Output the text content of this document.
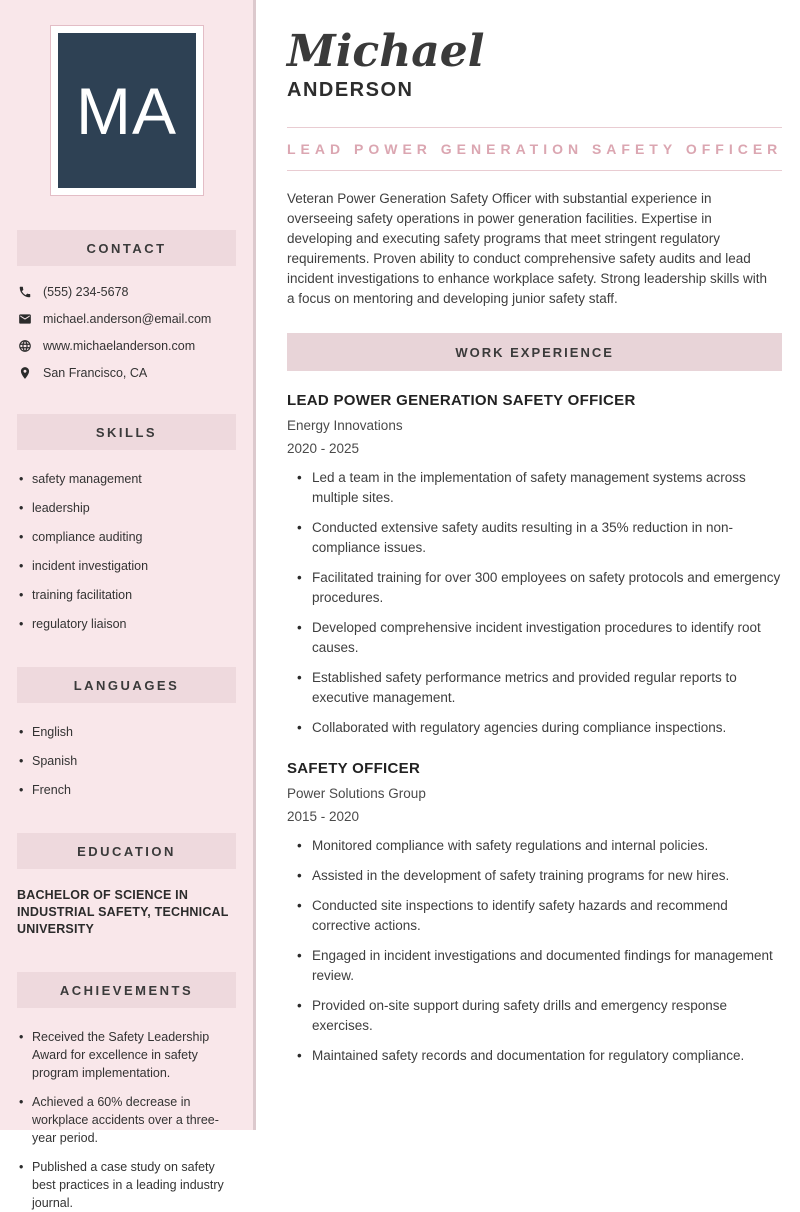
MA
CONTACT
(555) 234-5678
michael.anderson@email.com
www.michaelanderson.com
San Francisco, CA
SKILLS
• safety management
• leadership
• compliance auditing
• incident investigation
• training facilitation
• regulatory liaison
LANGUAGES
• English
• Spanish
• French
EDUCATION
BACHELOR OF SCIENCE IN INDUSTRIAL SAFETY, TECHNICAL UNIVERSITY
ACHIEVEMENTS
• Received the Safety Leadership Award for excellence in safety program implementation.
• Achieved a 60% decrease in workplace accidents over a three-year period.
• Published a case study on safety best practices in a leading industry journal.
Michael
ANDERSON
LEAD POWER GENERATION SAFETY OFFICER

Veteran Power Generation Safety Officer with substantial experience in overseeing safety operations in power generation facilities. Expertise in developing and executing safety programs that meet stringent regulatory requirements. Proven ability to conduct comprehensive safety audits and lead incident investigations to enhance workplace safety. Strong leadership skills with a focus on mentoring and developing junior safety staff.

WORK EXPERIENCE
LEAD POWER GENERATION SAFETY OFFICER
Energy Innovations
2020 - 2025
• Led a team in the implementation of safety management systems across multiple sites.
• Conducted extensive safety audits resulting in a 35% reduction in non-compliance issues.
• Facilitated training for over 300 employees on safety protocols and emergency procedures.
• Developed comprehensive incident investigation procedures to identify root causes.
• Established safety performance metrics and provided regular reports to executive management.
• Collaborated with regulatory agencies during compliance inspections.
SAFETY OFFICER
Power Solutions Group
2015 - 2020
• Monitored compliance with safety regulations and internal policies.
• Assisted in the development of safety training programs for new hires.
• Conducted site inspections to identify safety hazards and recommend corrective actions.
• Engaged in incident investigations and documented findings for management review.
• Provided on-site support during safety drills and emergency response exercises.
• Maintained safety records and documentation for regulatory compliance.
